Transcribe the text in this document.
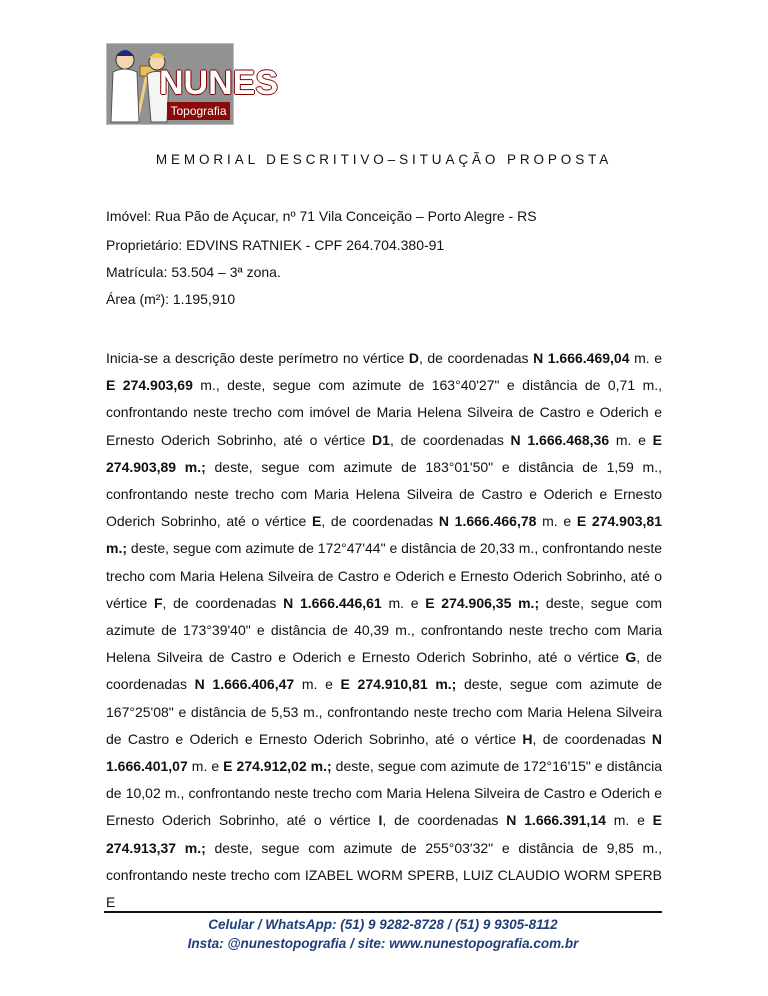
NUNES
Topografia
MEMORIAL DESCRITIVO–SITUAÇÃO PROPOSTA
Imóvel: Rua Pão de Açucar, nº 71 Vila Conceição – Porto Alegre - RS
Proprietário: EDVINS RATNIEK - CPF 264.704.380-91
Matrícula: 53.504 – 3ª zona.
Área (m²): 1.195,910
Inicia-se a descrição deste perímetro no vértice D, de coordenadas N 1.666.469,04 m. e E 274.903,69 m., deste, segue com azimute de 163°40'27" e distância de 0,71 m., confrontando neste trecho com imóvel de Maria Helena Silveira de Castro e Oderich e Ernesto Oderich Sobrinho, até o vértice D1, de coordenadas N 1.666.468,36 m. e E 274.903,89 m.; deste, segue com azimute de 183°01'50" e distância de 1,59 m., confrontando neste trecho com Maria Helena Silveira de Castro e Oderich e Ernesto Oderich Sobrinho, até o vértice E, de coordenadas N 1.666.466,78 m. e E 274.903,81 m.; deste, segue com azimute de 172°47'44" e distância de 20,33 m., confrontando neste trecho com Maria Helena Silveira de Castro e Oderich e Ernesto Oderich Sobrinho, até o vértice F, de coordenadas N 1.666.446,61 m. e E 274.906,35 m.; deste, segue com azimute de 173°39'40" e distância de 40,39 m., confrontando neste trecho com Maria Helena Silveira de Castro e Oderich e Ernesto Oderich Sobrinho, até o vértice G, de coordenadas N 1.666.406,47 m. e E 274.910,81 m.; deste, segue com azimute de 167°25'08" e distância de 5,53 m., confrontando neste trecho com Maria Helena Silveira de Castro e Oderich e Ernesto Oderich Sobrinho, até o vértice H, de coordenadas N 1.666.401,07 m. e E 274.912,02 m.; deste, segue com azimute de 172°16'15" e distância de 10,02 m., confrontando neste trecho com Maria Helena Silveira de Castro e Oderich e Ernesto Oderich Sobrinho, até o vértice I, de coordenadas N 1.666.391,14 m. e E 274.913,37 m.; deste, segue com azimute de 255°03'32" e distância de 9,85 m., confrontando neste trecho com IZABEL WORM SPERB, LUIZ CLAUDIO WORM SPERB E
Celular / WhatsApp: (51) 9 9282-8728 / (51) 9 9305-8112
Insta: @nunestopografia / site: www.nunestopografia.com.br
